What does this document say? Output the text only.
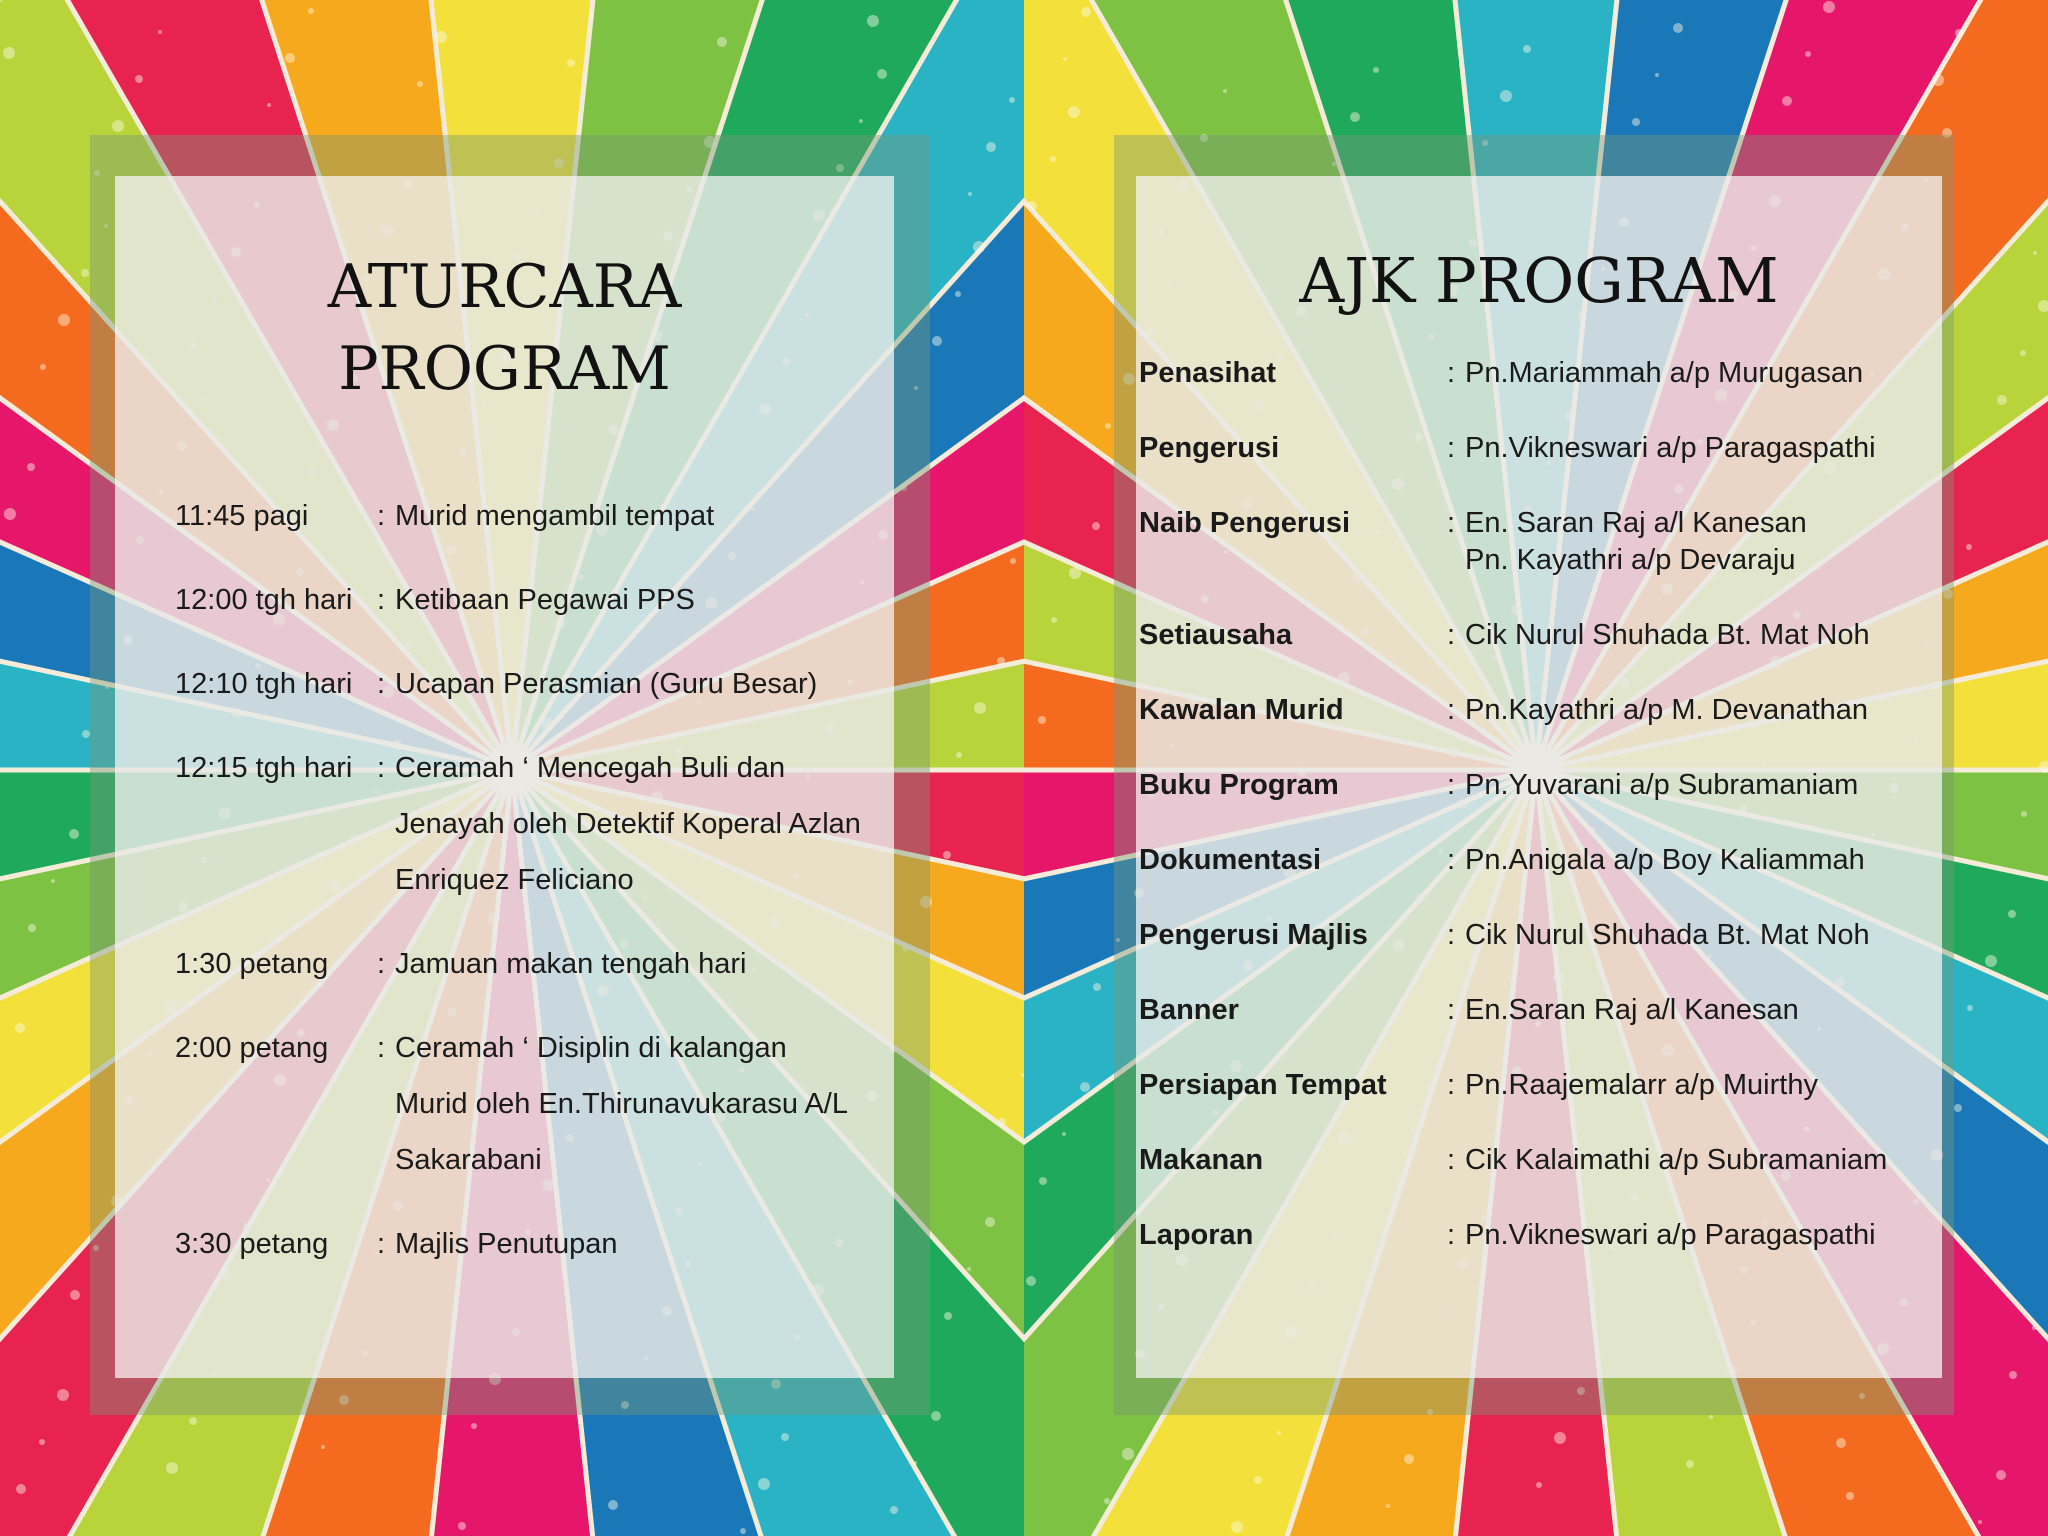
ATURCARA
PROGRAM
11:45 pagi	: Murid mengambil tempat
12:00 tgh hari : Ketibaan Pegawai PPS
12:10 tgh hari : Ucapan Perasmian (Guru Besar)
12:15 tgh hari : Ceramah ‘ Mencegah Buli dan Jenayah oleh Detektif Koperal Azlan Enriquez Feliciano
1:30 petang	: Jamuan makan tengah hari
2:00 petang	: Ceramah ‘ Disiplin di kalangan Murid oleh En.Thirunavukarasu A/L Sakarabani
3:30 petang	: Majlis Penutupan
AJK PROGRAM
Penasihat	: Pn.Mariammah a/p Murugasan
Pengerusi	: Pn.Vikneswari a/p Paragaspathi
Naib Pengerusi	: En. Saran Raj a/l Kanesan
Pn. Kayathri a/p Devaraju
Setiausaha	: Cik Nurul Shuhada Bt. Mat Noh
Kawalan Murid	: Pn.Kayathri a/p M. Devanathan
Buku Program	: Pn.Yuvarani a/p Subramaniam
Dokumentasi	: Pn.Anigala a/p Boy Kaliammah
Pengerusi Majlis	: Cik Nurul Shuhada Bt. Mat Noh
Banner	: En.Saran Raj a/l Kanesan
Persiapan Tempat	: Pn.Raajemalarr a/p Muirthy
Makanan	: Cik Kalaimathi a/p Subramaniam
Laporan	: Pn.Vikneswari a/p Paragaspathi
